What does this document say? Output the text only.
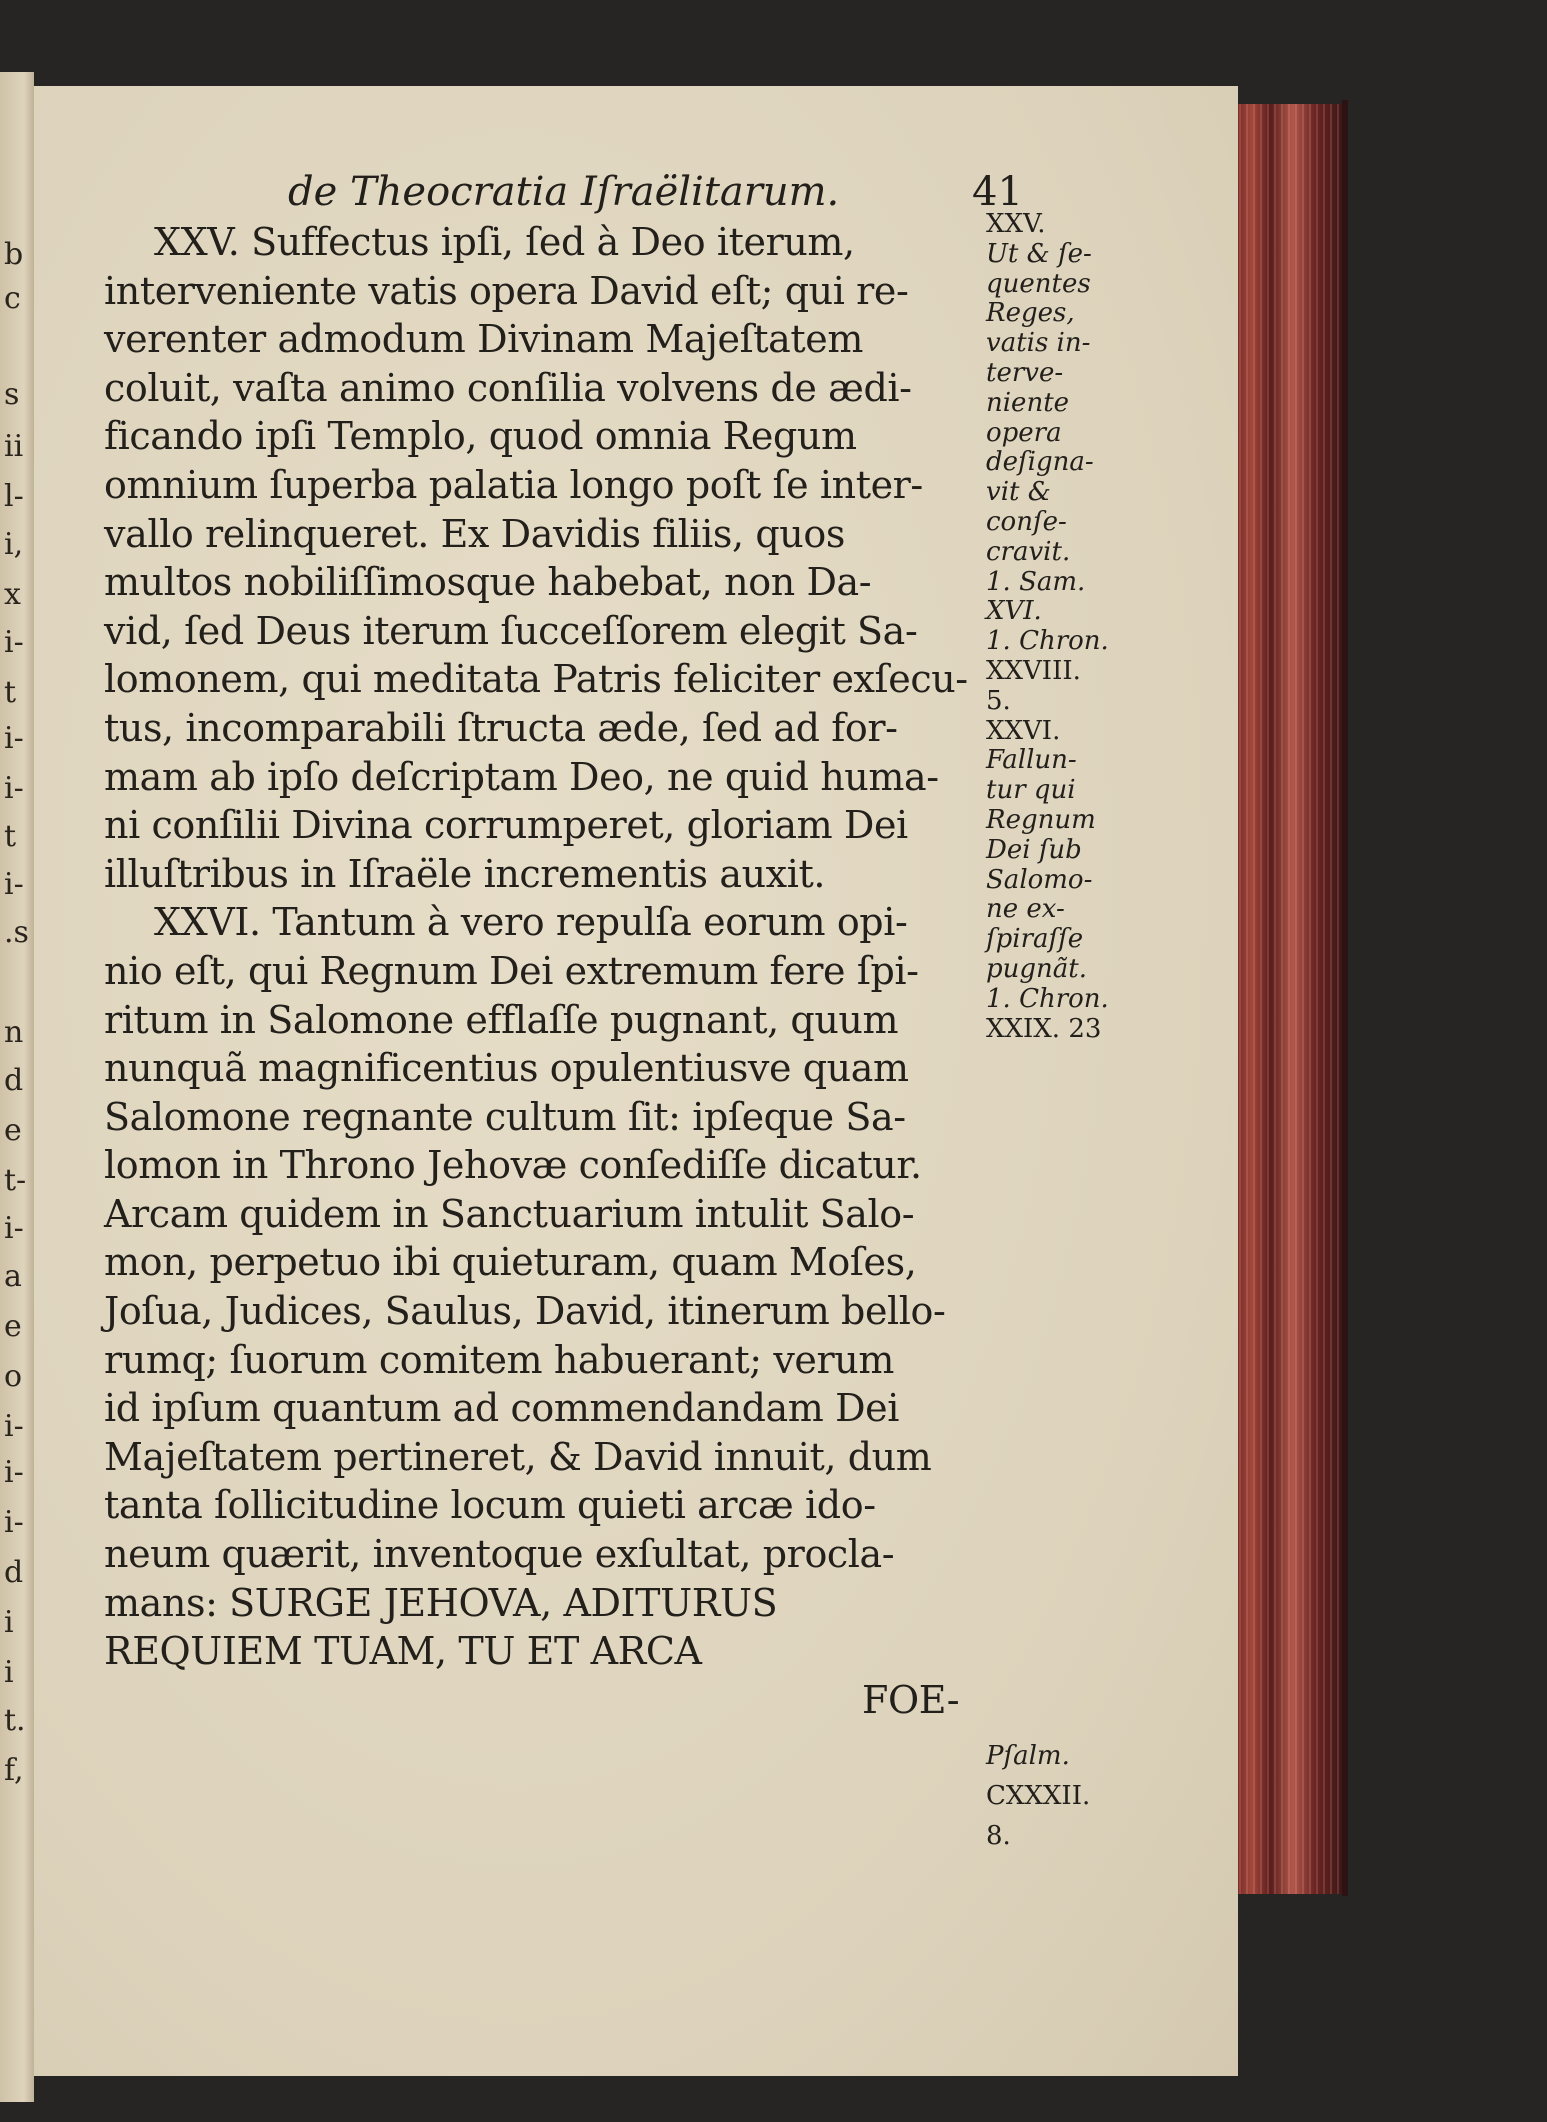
b
c
s
ii
l-
i,
x
i-
t
i-
i-
t
i-
.s
n
d
e
t-
i-
a
e
o
i-
i-
i-
d
i
i
t.
f,
de Theocratia Iſraëlitarum.	41
XXV. Suffectus ipſi, ſed à Deo iterum,
interveniente vatis opera David eſt; qui re-
verenter admodum Divinam Majeſtatem
coluit, vaſta animo conſilia volvens de ædi-
ficando ipſi Templo, quod omnia Regum
omnium ſuperba palatia longo poſt ſe inter-
vallo relinqueret. Ex Davidis filiis, quos
multos nobiliſſimosque habebat, non Da-
vid, ſed Deus iterum ſucceſſorem elegit Sa-
lomonem, qui meditata Patris feliciter exſecu-
tus, incomparabili ſtructa æde, ſed ad for-
mam ab ipſo deſcriptam Deo, ne quid huma-
ni conſilii Divina corrumperet, gloriam Dei
illuſtribus in Iſraële incrementis auxit.
XXVI. Tantum à vero repulſa eorum opi-
nio eſt, qui Regnum Dei extremum fere ſpi-
ritum in Salomone efflaſſe pugnant, quum
nunquã magnificentius opulentiusve quam
Salomone regnante cultum ſit: ipſeque Sa-
lomon in Throno Jehovæ conſediſſe dicatur.
Arcam quidem in Sanctuarium intulit Salo-
mon, perpetuo ibi quieturam, quam Moſes,
Joſua, Judices, Saulus, David, itinerum bello-
rumq; ſuorum comitem habuerant; verum
id ipſum quantum ad commendandam Dei
Majeſtatem pertineret, & David innuit, dum
tanta ſollicitudine locum quieti arcæ ido-
neum quærit, inventoque exſultat, procla-
mans: SURGE JEHOVA, ADITURUS
REQUIEM TUAM, TU ET ARCA
FOE-
XXV.
Ut & ſe-
quentes
Reges,
vatis in-
terve-
niente
opera
deſigna-
vit &
conſe-
cravit.
1. Sam.
XVI.
1. Chron.
XXVIII.
5.
XXVI.
Fallun-
tur qui
Regnum
Dei ſub
Salomo-
ne ex-
ſpiraſſe
pugnãt.
1. Chron.
XXIX. 23
Pſalm.
CXXXII.
8.
